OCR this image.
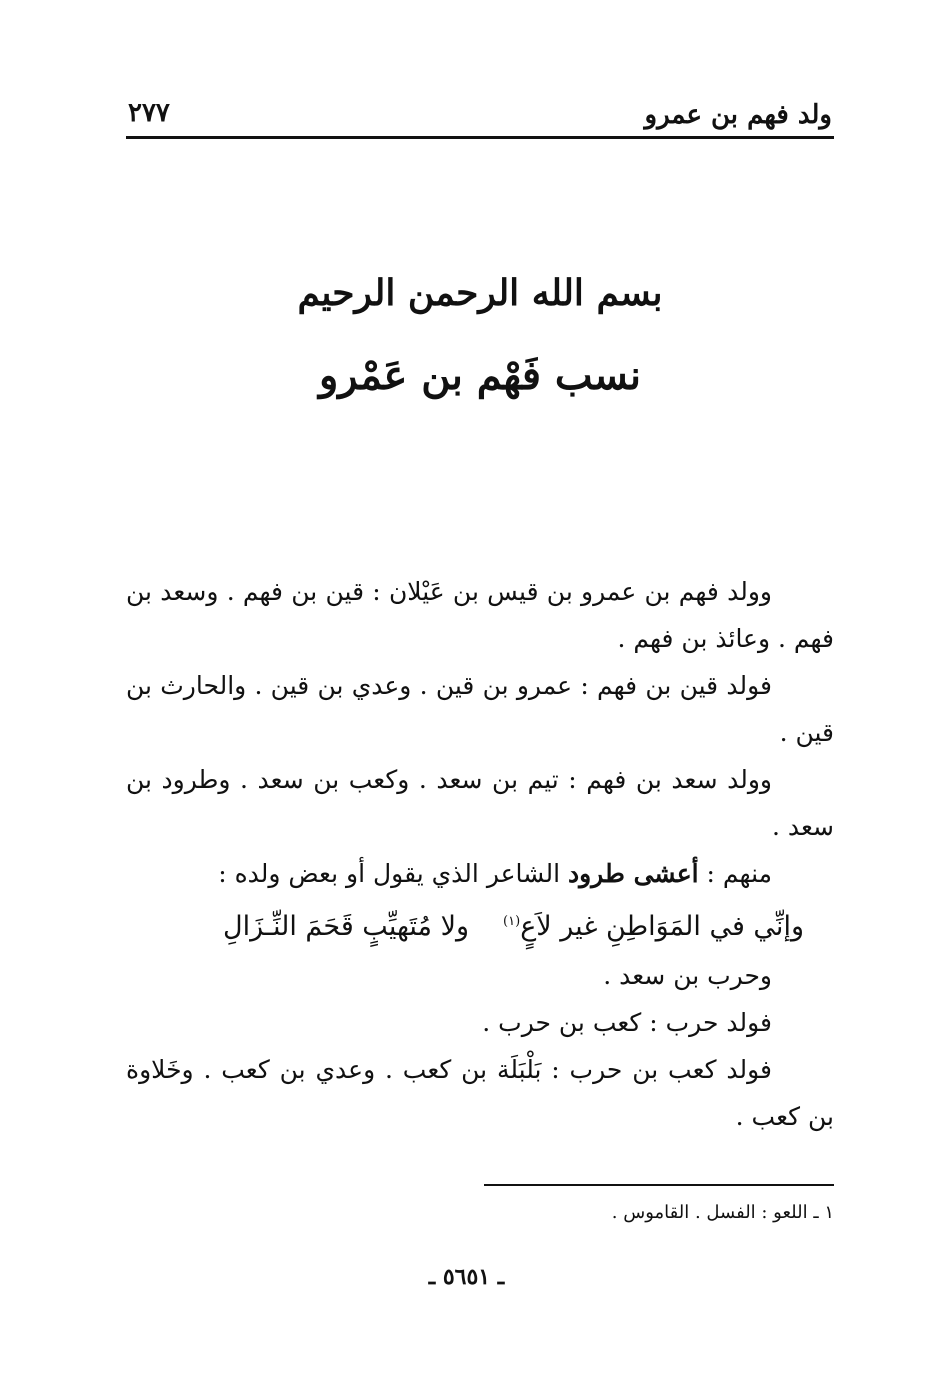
ولد فهم بن عمرو
٢٧٧
بسم الله الرحمن الرحيم
نسب فَهْم بن عَمْرو

وولد فهم بن عمرو بن قيس بن عَيْلان : قين بن فهم . وسعد بن فهم . وعائذ بن فهم .

فولد قين بن فهم : عمرو بن قين . وعدي بن قين . والحارث بن قين .

وولد سعد بن فهم : تيم بن سعد . وكعب بن سعد . وطرود بن سعد .

منهم : أعشى طرود الشاعر الذي يقول أو بعض ولده :

وإنِّي في المَوَاطِنِ غير لاَعٍ$^{(١)}$ولا مُتَهيِّبٍ قَحَمَ النِّـزَالِ

وحرب بن سعد .

فولد حرب : كعب بن حرب .

فولد كعب بن حرب : بَلْبَلَة بن كعب . وعدي بن كعب . وخَلاوة بن كعب .

١ ـ اللعو : الفسل . القاموس .
ـ ٥٦٥١ ـ
